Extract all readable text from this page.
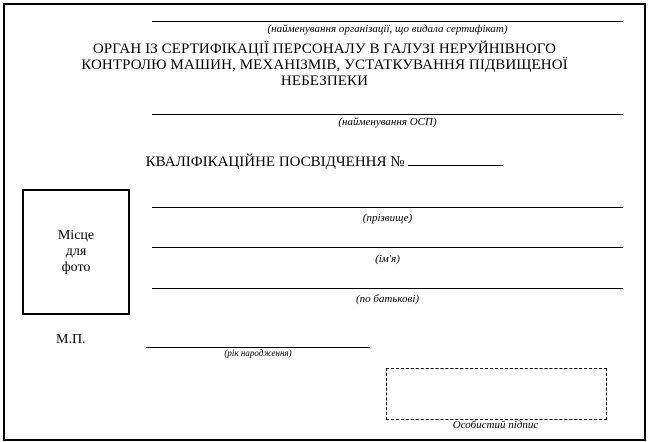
(найменування організації, що видала сертифікат)
ОРГАН ІЗ СЕРТИФІКАЦІЇ ПЕРСОНАЛУ В ГАЛУЗІ НЕРУЙНІВНОГО
КОНТРОЛЮ МАШИН, МЕХАНІЗМІВ, УСТАТКУВАННЯ ПІДВИЩЕНОЇ
НЕБЕЗПЕКИ
(найменування ОСП)
КВАЛІФІКАЦІЙНЕ ПОСВІДЧЕННЯ №
Місце
для
фото
(прізвище)
(ім'я)
(по батькові)
М.П.
(рік народження)
Особистий підпис
